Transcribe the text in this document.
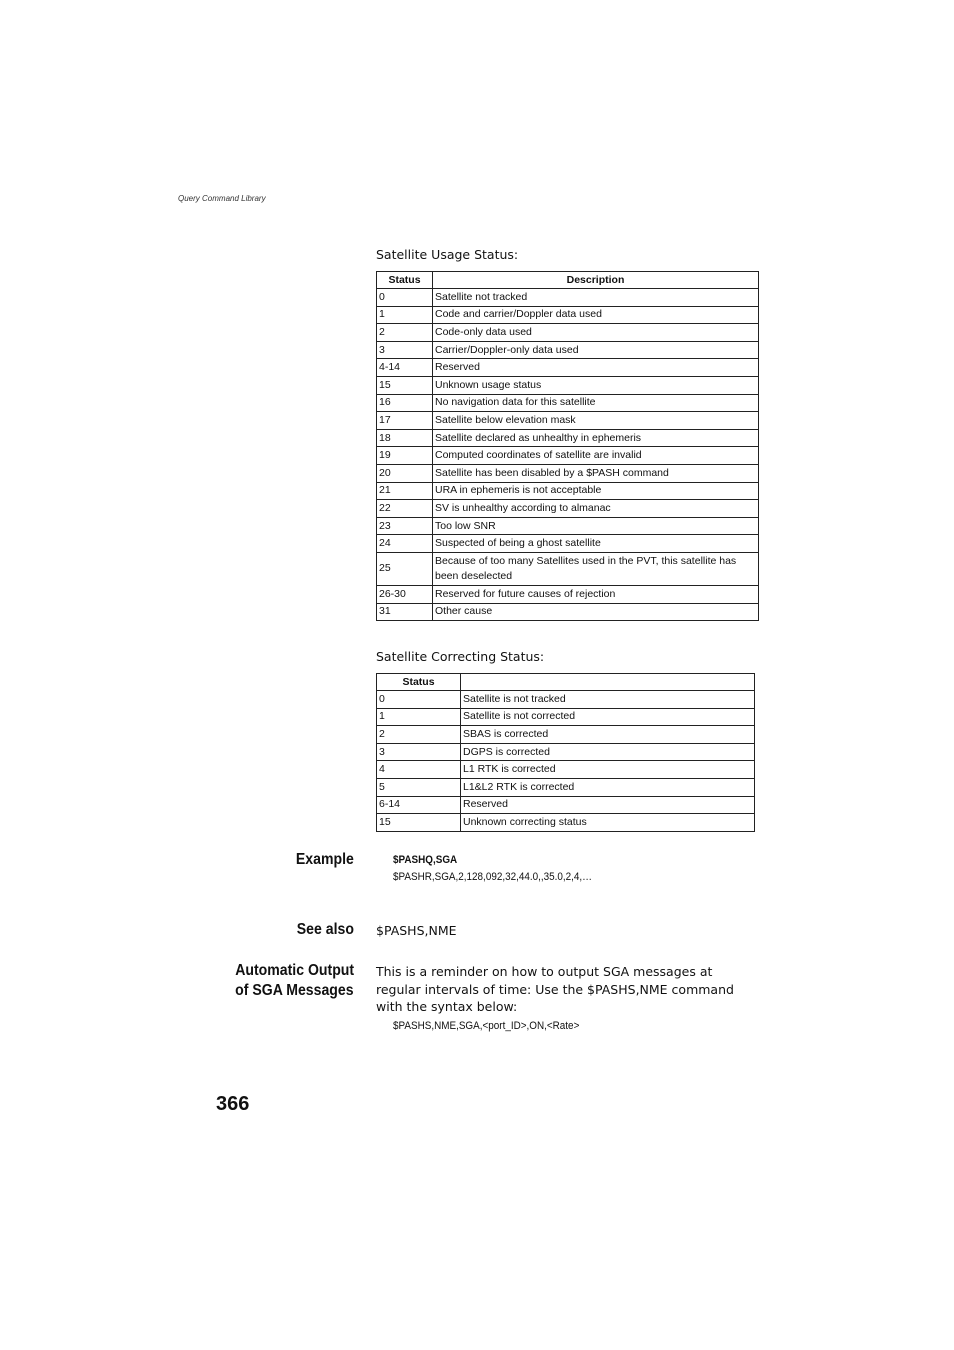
Query Command Library
Satellite Usage Status:
Status	Description
0	Satellite not tracked
1	Code and carrier/Doppler data used
2	Code-only data used
3	Carrier/Doppler-only data used
4-14	Reserved
15	Unknown usage status
16	No navigation data for this satellite
17	Satellite below elevation mask
18	Satellite declared as unhealthy in ephemeris
19	Computed coordinates of satellite are invalid
20	Satellite has been disabled by a $PASH command
21	URA in ephemeris is not acceptable
22	SV is unhealthy according to almanac
23	Too low SNR
24	Suspected of being a ghost satellite
25	Because of too many Satellites used in the PVT, this satellite has been deselected
26-30	Reserved for future causes of rejection
31	Other cause
Satellite Correcting Status:
Status	
0	Satellite is not tracked
1	Satellite is not corrected
2	SBAS is corrected
3	DGPS is corrected
4	L1 RTK is corrected
5	L1&L2 RTK is corrected
6-14	Reserved
15	Unknown correcting status
Example	$PASHQ,SGA
$PASHR,SGA,2,128,092,32,44.0,,35.0,2,4,…
See also $PASHS,NME
Automatic Output
of SGA Messages
This is a reminder on how to output SGA messages at regular intervals of time: Use the $PASHS,NME command with the syntax below:
$PASHS,NME,SGA,<port_ID>,ON,<Rate>
366
